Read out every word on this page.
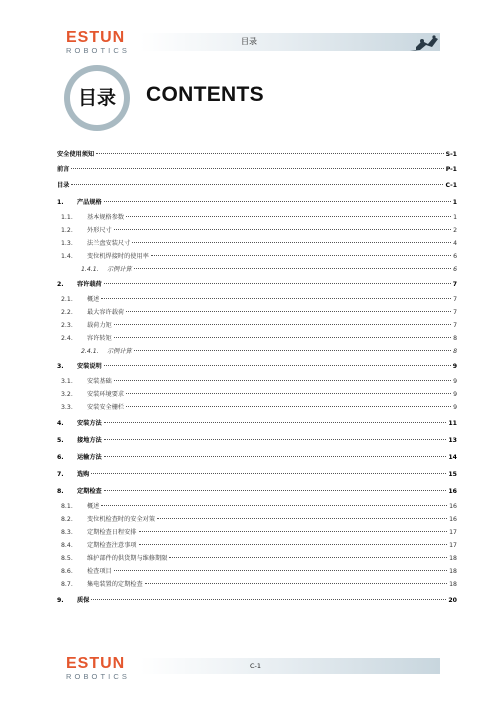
ESTUN
ROBOTICS
目录
目录	CONTENTS
安全使用须知	S-1
前言	P-1
目录	C-1
1.	产品规格	1
1.1.	基本规格参数	1
1.2.	外形尺寸	2
1.3.	法兰盘安装尺寸	4
1.4.	变位机焊接时的使用率	6
1.4.1.	示例计算	6
2.	容许载荷	7
2.1.	概述	7
2.2.	最大容许载荷	7
2.3.	载荷力矩	7
2.4.	容许转矩	8
2.4.1.	示例计算	8
3.	安装说明	9
3.1.	安装基础	9
3.2.	安装环境要求	9
3.3.	安装安全栅栏	9
4.	安装方法	11
5.	接地方法	13
6.	运输方法	14
7.	选购	15
8.	定期检查	16
8.1.	概述	16
8.2.	变位机检查时的安全对策	16
8.3.	定期检查日程安排	17
8.4.	定期检查注意事项	17
8.5.	维护部件的供货期与维修期限	18
8.6.	检查项目	18
8.7.	集电装置的定期检查	18
9.	质保	20
ESTUN
ROBOTICS
C-1
